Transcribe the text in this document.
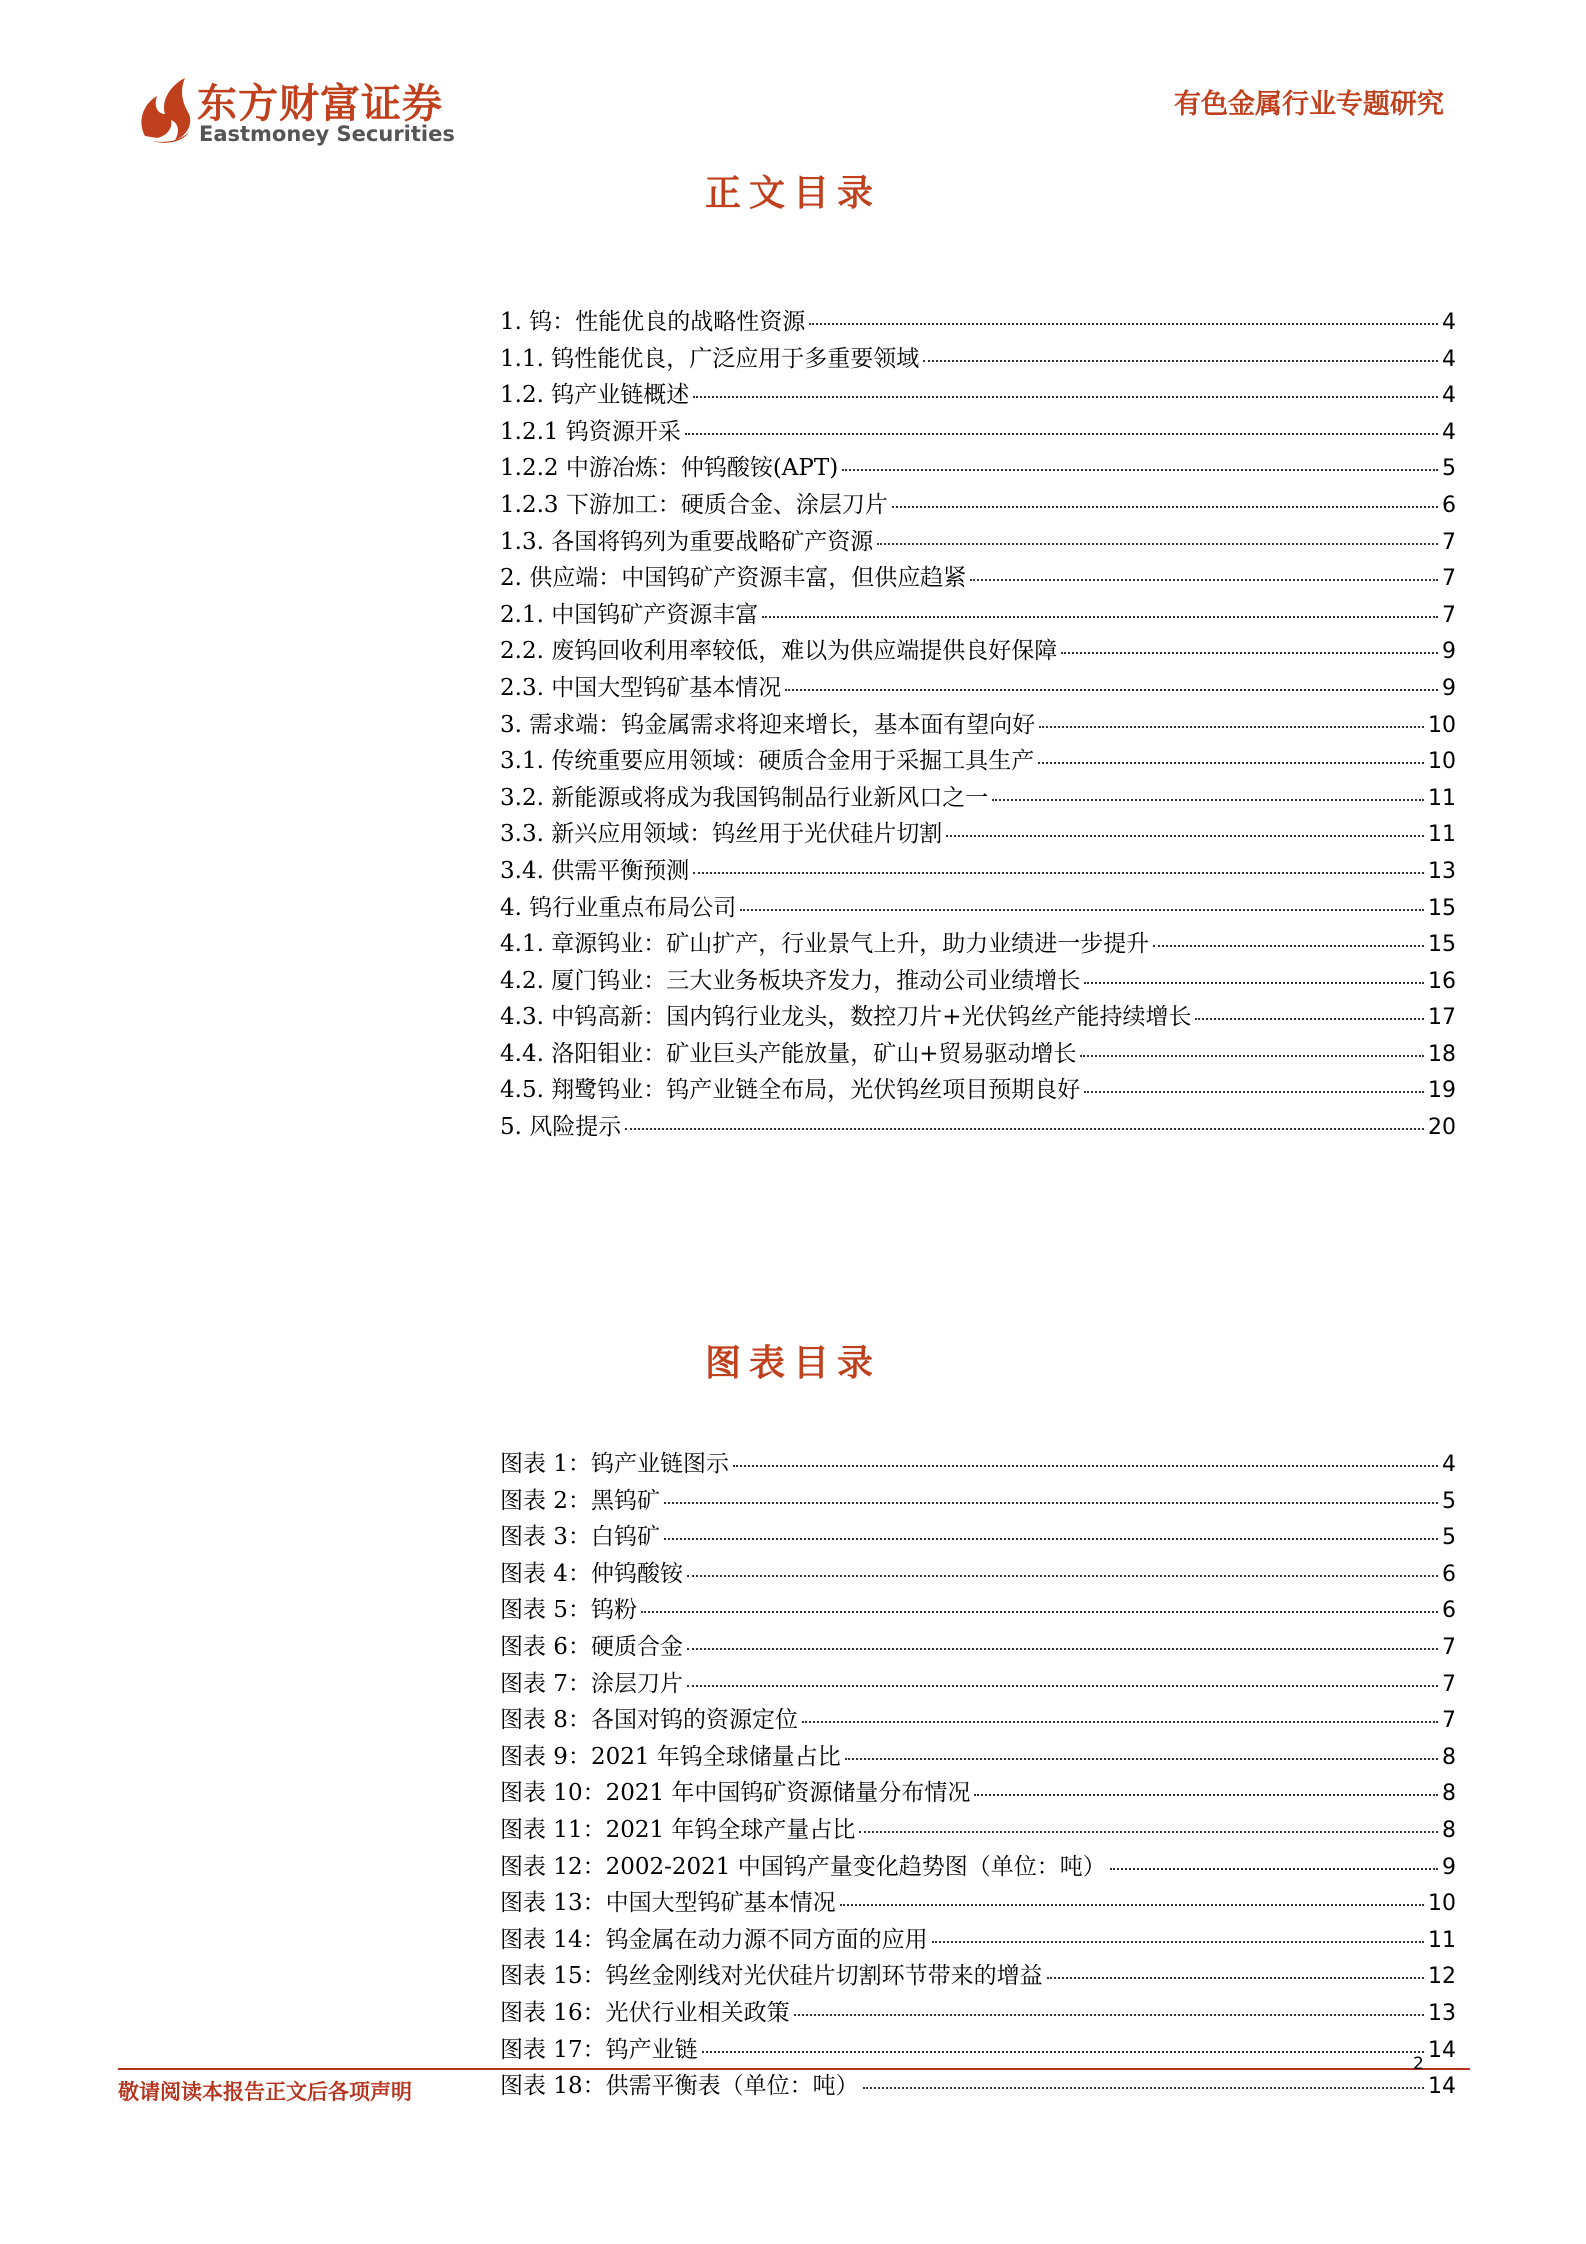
东方财富证券
Eastmoney Securities
有色金属行业专题研究
正文目录
1. 钨：性能优良的战略性资源	4
1.1. 钨性能优良，广泛应用于多重要领域	4
1.2. 钨产业链概述	4
1.2.1 钨资源开采	4
1.2.2 中游冶炼：仲钨酸铵(APT)	5
1.2.3 下游加工：硬质合金、涂层刀片	6
1.3. 各国将钨列为重要战略矿产资源	7
2. 供应端：中国钨矿产资源丰富，但供应趋紧	7
2.1. 中国钨矿产资源丰富	7
2.2. 废钨回收利用率较低，难以为供应端提供良好保障	9
2.3. 中国大型钨矿基本情况	9
3. 需求端：钨金属需求将迎来增长，基本面有望向好	10
3.1. 传统重要应用领域：硬质合金用于采掘工具生产	10
3.2. 新能源或将成为我国钨制品行业新风口之一	11
3.3. 新兴应用领域：钨丝用于光伏硅片切割	11
3.4. 供需平衡预测	13
4. 钨行业重点布局公司	15
4.1. 章源钨业：矿山扩产，行业景气上升，助力业绩进一步提升	15
4.2. 厦门钨业：三大业务板块齐发力，推动公司业绩增长	16
4.3. 中钨高新：国内钨行业龙头，数控刀片+光伏钨丝产能持续增长	17
4.4. 洛阳钼业：矿业巨头产能放量，矿山+贸易驱动增长	18
4.5. 翔鹭钨业：钨产业链全布局，光伏钨丝项目预期良好	19
5. 风险提示	20
图表目录
图表 1：钨产业链图示	4
图表 2：黑钨矿	5
图表 3：白钨矿	5
图表 4：仲钨酸铵	6
图表 5：钨粉	6
图表 6：硬质合金	7
图表 7：涂层刀片	7
图表 8：各国对钨的资源定位	7
图表 9：2021 年钨全球储量占比	8
图表 10：2021 年中国钨矿资源储量分布情况	8
图表 11：2021 年钨全球产量占比	8
图表 12：2002-2021 中国钨产量变化趋势图（单位：吨）	9
图表 13：中国大型钨矿基本情况	10
图表 14：钨金属在动力源不同方面的应用	11
图表 15：钨丝金刚线对光伏硅片切割环节带来的增益	12
图表 16：光伏行业相关政策	13
图表 17：钨产业链	14
图表 18：供需平衡表（单位：吨）	14
敬请阅读本报告正文后各项声明
2
